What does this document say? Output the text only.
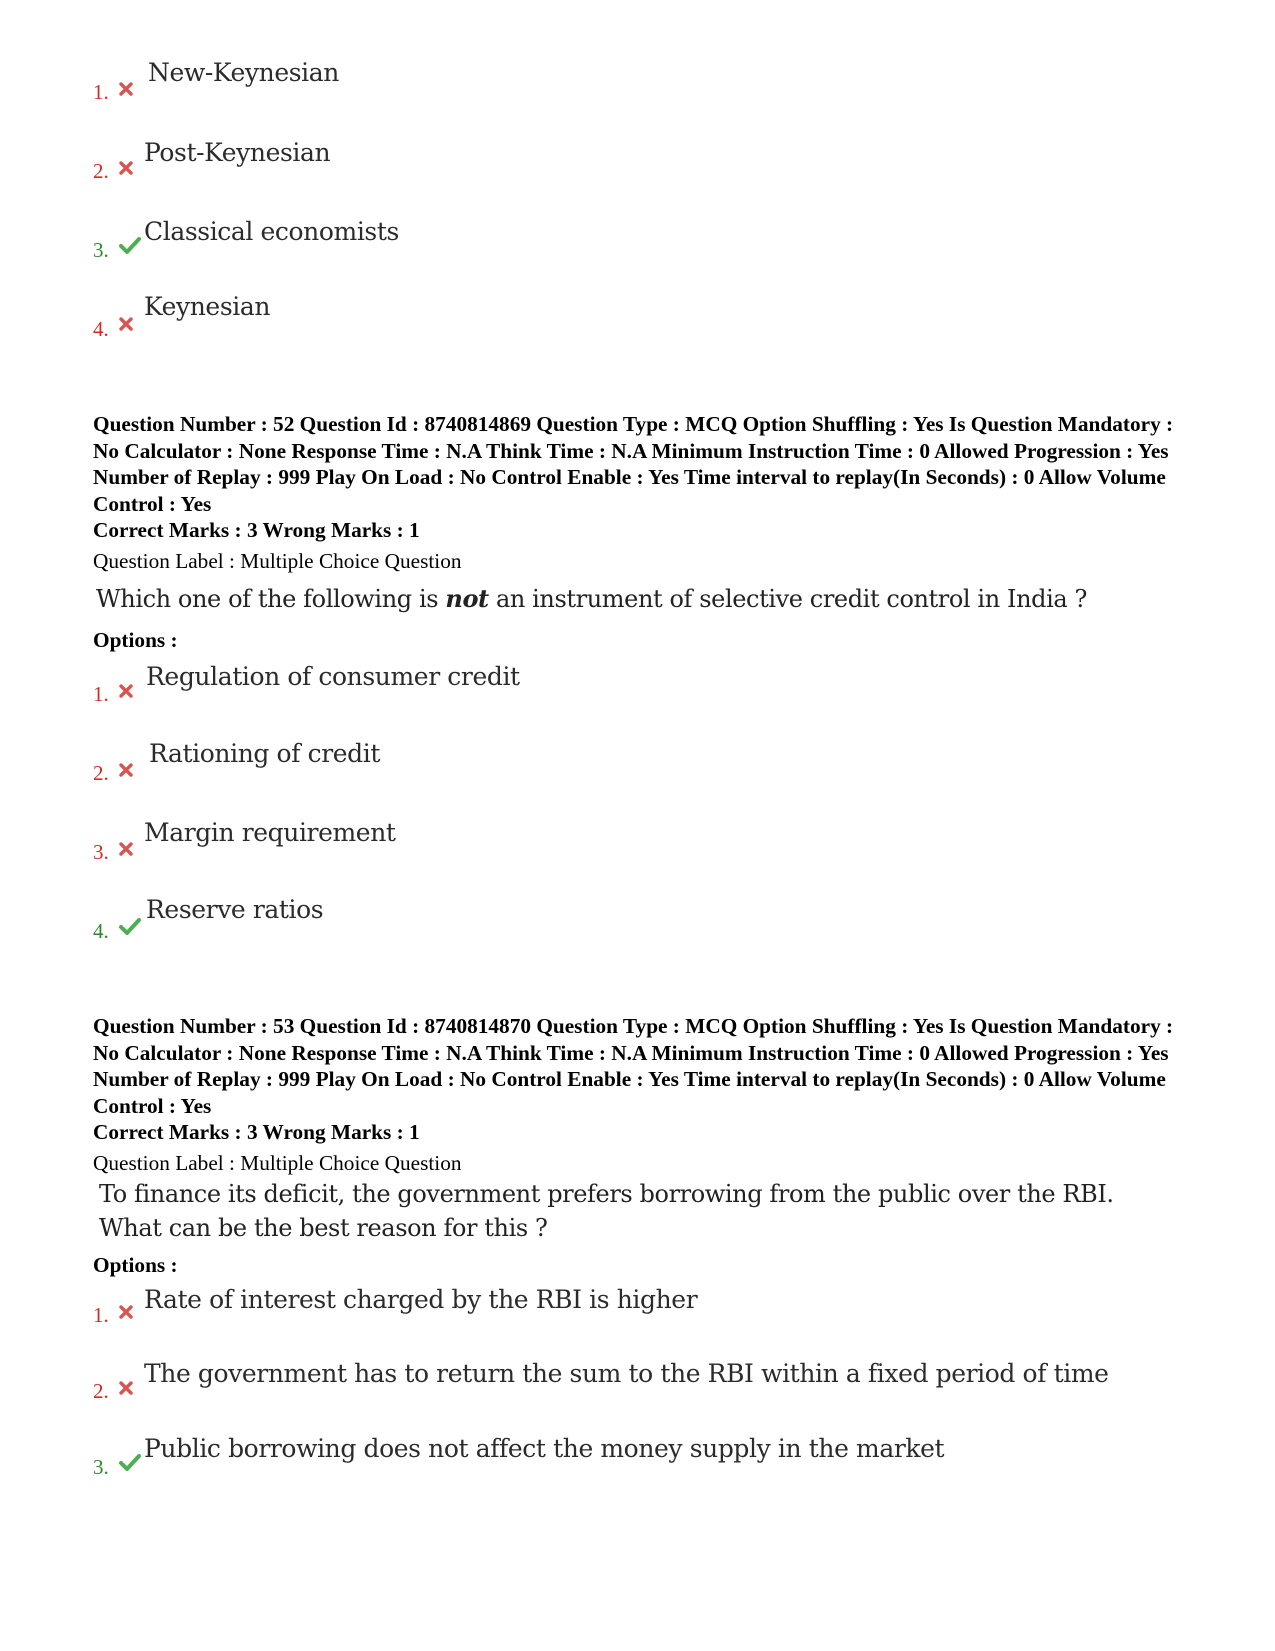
1.
New-Keynesian
2.
Post-Keynesian
3.
Classical economists
4.
Keynesian

Question Number : 52 Question Id : 8740814869 Question Type : MCQ Option Shuffling : Yes Is Question Mandatory : No Calculator : None Response Time : N.A Think Time : N.A Minimum Instruction Time : 0 Allowed Progression : Yes Number of Replay : 999 Play On Load : No Control Enable : Yes Time interval to replay(In Seconds) : 0 Allow Volume Control : Yes

Correct Marks : 3 Wrong Marks : 1
Question Label : Multiple Choice Question
Which one of the following is not an instrument of selective credit control in India ?
Options :
1.
Regulation of consumer credit
2.
Rationing of credit
3.
Margin requirement
4.
Reserve ratios

Question Number : 53 Question Id : 8740814870 Question Type : MCQ Option Shuffling : Yes Is Question Mandatory : No Calculator : None Response Time : N.A Think Time : N.A Minimum Instruction Time : 0 Allowed Progression : Yes Number of Replay : 999 Play On Load : No Control Enable : Yes Time interval to replay(In Seconds) : 0 Allow Volume Control : Yes

Correct Marks : 3 Wrong Marks : 1
Question Label : Multiple Choice Question
To finance its deficit, the government prefers borrowing from the public over the RBI.
What can be the best reason for this ?
Options :
1.
Rate of interest charged by the RBI is higher
2.
The government has to return the sum to the RBI within a fixed period of time
3.
Public borrowing does not affect the money supply in the market
